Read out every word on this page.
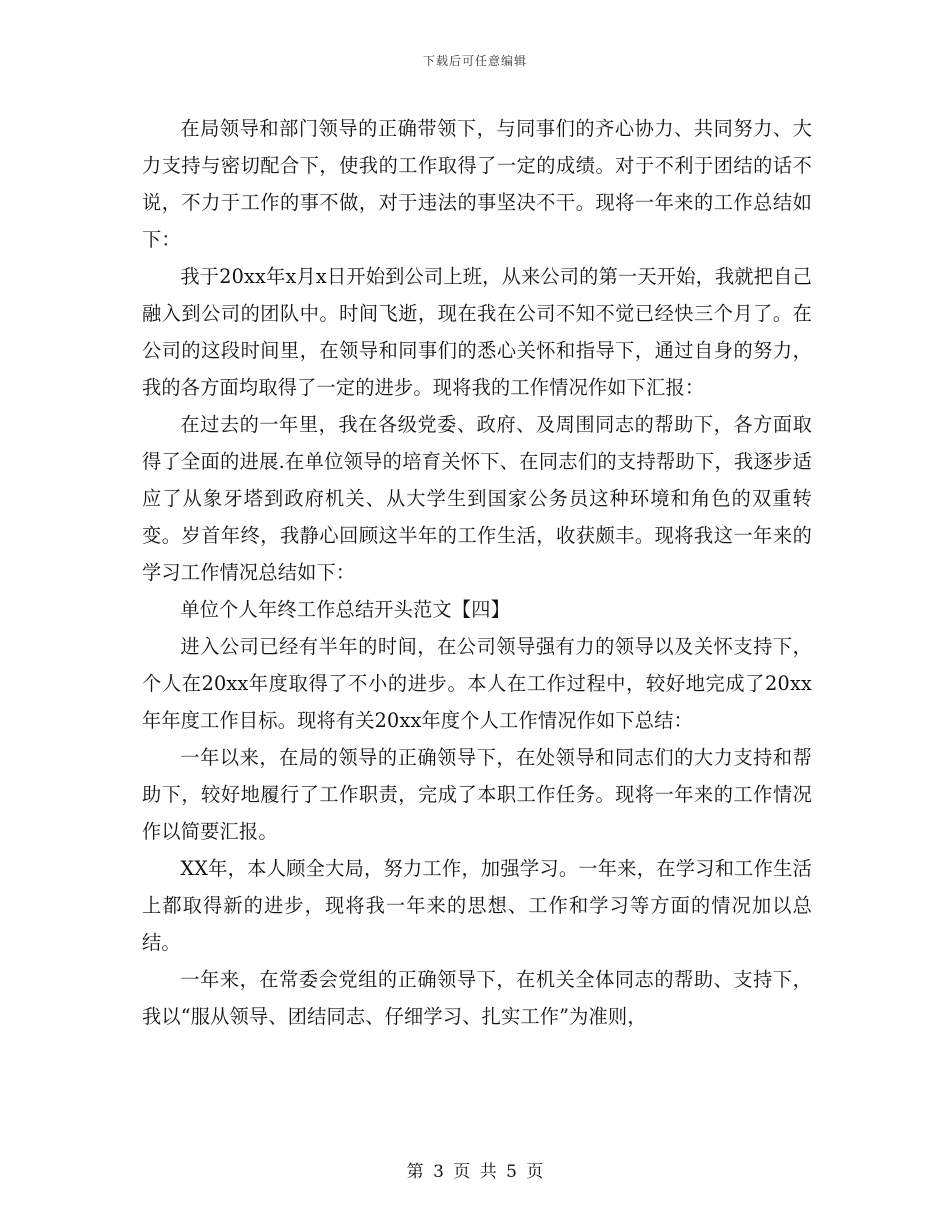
下载后可任意编辑

在局领导和部门领导的正确带领下，与同事们的齐心协力、共同努力、大力支持与密切配合下，使我的工作取得了一定的成绩。对于不利于团结的话不说，不力于工作的事不做，对于违法的事坚决不干。现将一年来的工作总结如下：

我于20xx年x月x日开始到公司上班，从来公司的第一天开始，我就把自己融入到公司的团队中。时间飞逝，现在我在公司不知不觉已经快三个月了。在公司的这段时间里，在领导和同事们的悉心关怀和指导下，通过自身的努力，我的各方面均取得了一定的进步。现将我的工作情况作如下汇报：

在过去的一年里，我在各级党委、政府、及周围同志的帮助下，各方面取得了全面的进展.在单位领导的培育关怀下、在同志们的支持帮助下，我逐步适应了从象牙塔到政府机关、从大学生到国家公务员这种环境和角色的双重转变。岁首年终，我静心回顾这半年的工作生活，收获颇丰。现将我这一年来的学习工作情况总结如下：

单位个人年终工作总结开头范文【四】

进入公司已经有半年的时间，在公司领导强有力的领导以及关怀支持下，个人在20xx年度取得了不小的进步。本人在工作过程中，较好地完成了20xx年年度工作目标。现将有关20xx年度个人工作情况作如下总结：

一年以来，在局的领导的正确领导下，在处领导和同志们的大力支持和帮助下，较好地履行了工作职责，完成了本职工作任务。现将一年来的工作情况作以简要汇报。

XX年，本人顾全大局，努力工作，加强学习。一年来，在学习和工作生活上都取得新的进步，现将我一年来的思想、工作和学习等方面的情况加以总结。

一年来，在常委会党组的正确领导下，在机关全体同志的帮助、支持下，我以“服从领导、团结同志、仔细学习、扎实工作”为准则，

第 3 页 共 5 页
